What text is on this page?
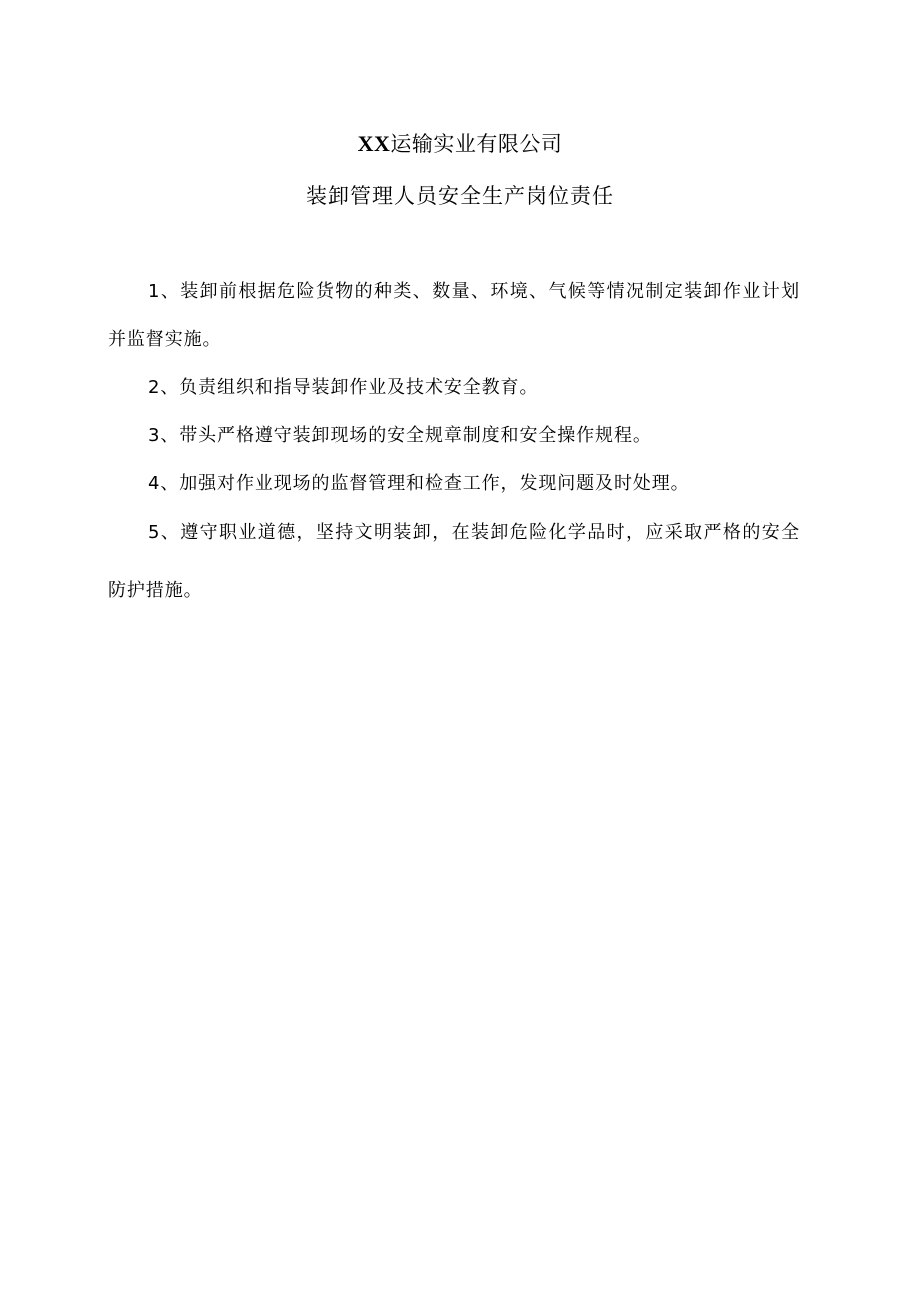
XX运输实业有限公司

装卸管理人员安全生产岗位责任

1、装卸前根据危险货物的种类、数量、环境、气候等情况制定装卸作业计划并监督实施。

2、负责组织和指导装卸作业及技术安全教育。

3、带头严格遵守装卸现场的安全规章制度和安全操作规程。

4、加强对作业现场的监督管理和检查工作，发现问题及时处理。

5、遵守职业道德，坚持文明装卸，在装卸危险化学品时，应采取严格的安全防护措施。
